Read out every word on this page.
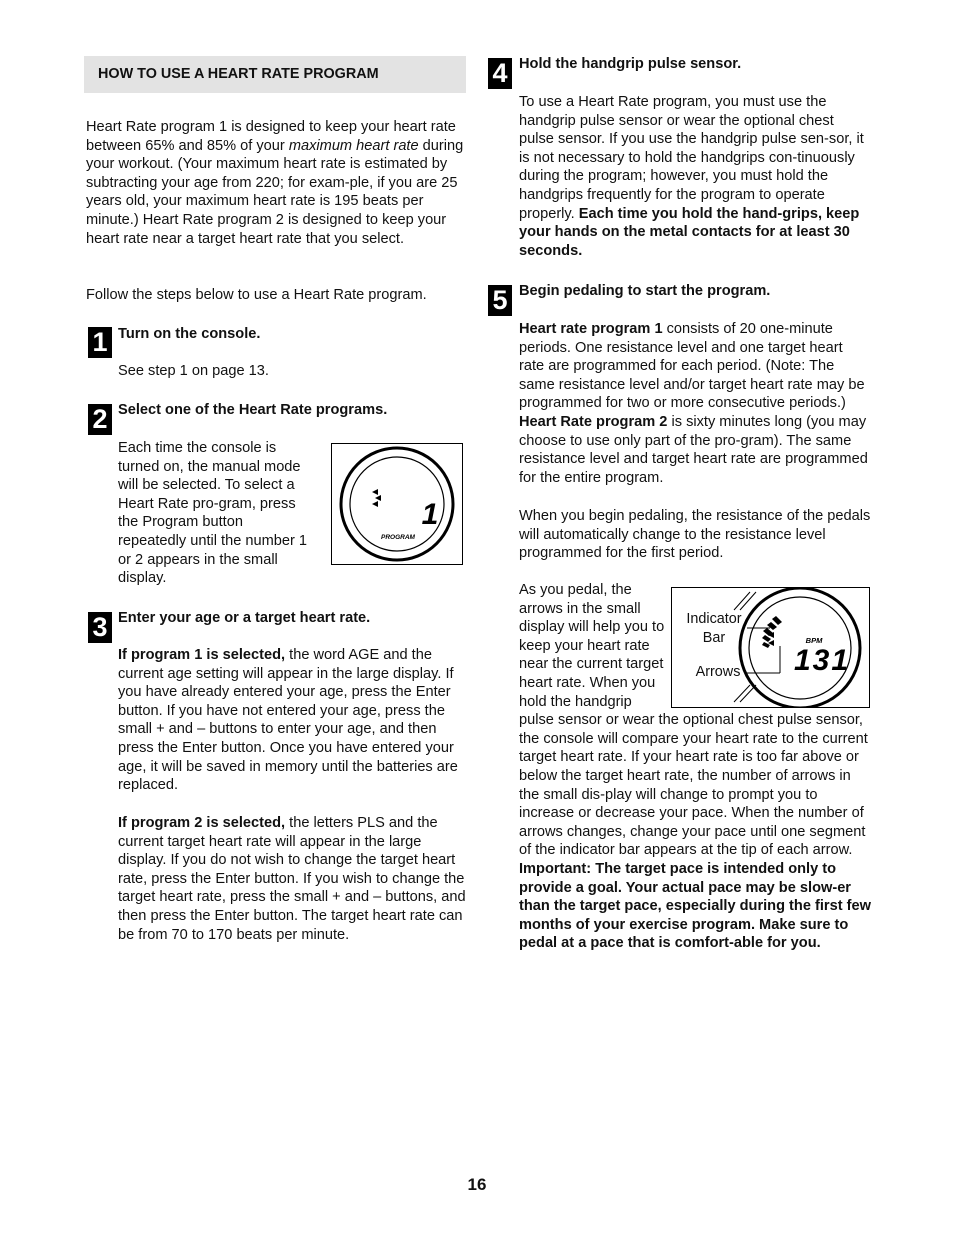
HOW TO USE A HEART RATE PROGRAM

Heart Rate program 1 is designed to keep your heart rate between 65% and 85% of your maximum heart rate during your workout. (Your maximum heart rate is estimated by subtracting your age from 220; for exam-ple, if you are 25 years old, your maximum heart rate is 195 beats per minute.) Heart Rate program 2 is designed to keep your heart rate near a target heart rate that you select.

Follow the steps below to use a Heart Rate program.

1 Turn on the console.

See step 1 on page 13.

2 Select one of the Heart Rate programs.

Each time the console is turned on, the manual mode will be selected. To select a Heart Rate pro-gram, press the Program button repeatedly until the number 1 or 2 appears in the small display.

1
PROGRAM
3 Enter your age or a target heart rate.

If program 1 is selected, the word AGE and the current age setting will appear in the large display. If you have already entered your age, press the Enter button. If you have not entered your age, press the small + and – buttons to enter your age, and then press the Enter button. Once you have entered your age, it will be saved in memory until the batteries are replaced.

If program 2 is selected, the letters PLS and the current target heart rate will appear in the large display. If you do not wish to change the target heart rate, press the Enter button. If you wish to change the target heart rate, press the small + and – buttons, and then press the Enter button. The target heart rate can be from 70 to 170 beats per minute.

4 Hold the handgrip pulse sensor.

To use a Heart Rate program, you must use the handgrip pulse sensor or wear the optional chest pulse sensor. If you use the handgrip pulse sen-sor, it is not necessary to hold the handgrips con-tinuously during the program; however, you must hold the handgrips frequently for the program to operate properly. Each time you hold the hand-grips, keep your hands on the metal contacts for at least 30 seconds.

5 Begin pedaling to start the program.

Heart rate program 1 consists of 20 one-minute periods. One resistance level and one target heart rate are programmed for each period. (Note: The same resistance level and/or target heart rate may be programmed for two or more consecutive periods.) Heart Rate program 2 is sixty minutes long (you may choose to use only part of the pro-gram). The same resistance level and target heart rate are programmed for the entire program.

When you begin pedaling, the resistance of the pedals will automatically change to the resistance level programmed for the first period.

As you pedal, the arrows in the small display will help you to keep your heart rate near the current target heart rate. When you hold the handgrip pulse sensor or wear the optional chest pulse sensor, the console will compare your heart rate to the current target heart rate. If your heart rate is too far above or below the target heart rate, the number of arrows in the small dis-play will change to prompt you to increase or decrease your pace. When the number of arrows changes, change your pace until one segment of the indicator bar appears at the tip of each arrow. Important: The target pace is intended only to provide a goal. Your actual pace may be slow-er than the target pace, especially during the first few months of your exercise program. Make sure to pedal at a pace that is comfort-able for you.
BPM
131
Indicator
Bar
Arrows
16
